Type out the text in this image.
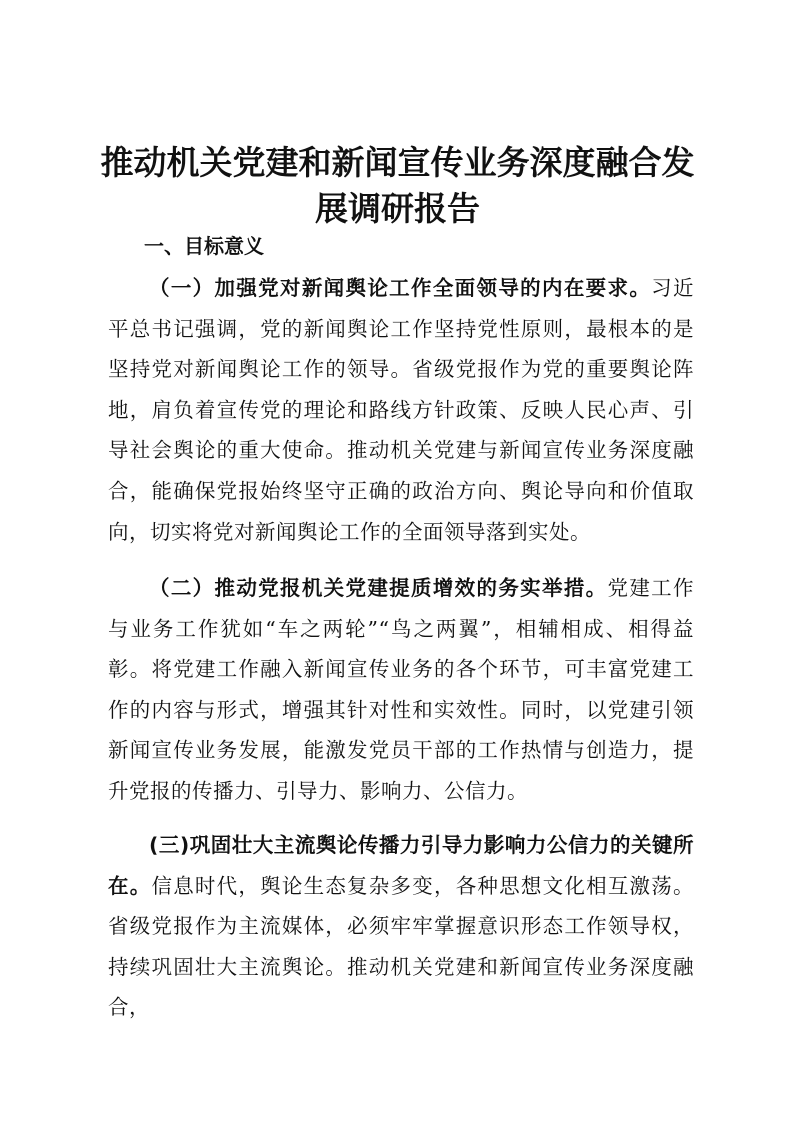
推动机关党建和新闻宣传业务深度融合发展调研报告
一、目标意义

（一）加强党对新闻舆论工作全面领导的内在要求。习近平总书记强调，党的新闻舆论工作坚持党性原则，最根本的是坚持党对新闻舆论工作的领导。省级党报作为党的重要舆论阵地，肩负着宣传党的理论和路线方针政策、反映人民心声、引导社会舆论的重大使命。推动机关党建与新闻宣传业务深度融合，能确保党报始终坚守正确的政治方向、舆论导向和价值取向，切实将党对新闻舆论工作的全面领导落到实处。

（二）推动党报机关党建提质增效的务实举措。党建工作与业务工作犹如“车之两轮”“鸟之两翼”，相辅相成、相得益彰。将党建工作融入新闻宣传业务的各个环节，可丰富党建工作的内容与形式，增强其针对性和实效性。同时，以党建引领新闻宣传业务发展，能激发党员干部的工作热情与创造力，提升党报的传播力、引导力、影响力、公信力。

(三)巩固壮大主流舆论传播力引导力影响力公信力的关键所在。信息时代，舆论生态复杂多变，各种思想文化相互激荡。省级党报作为主流媒体，必须牢牢掌握意识形态工作领导权，持续巩固壮大主流舆论。推动机关党建和新闻宣传业务深度融合，
